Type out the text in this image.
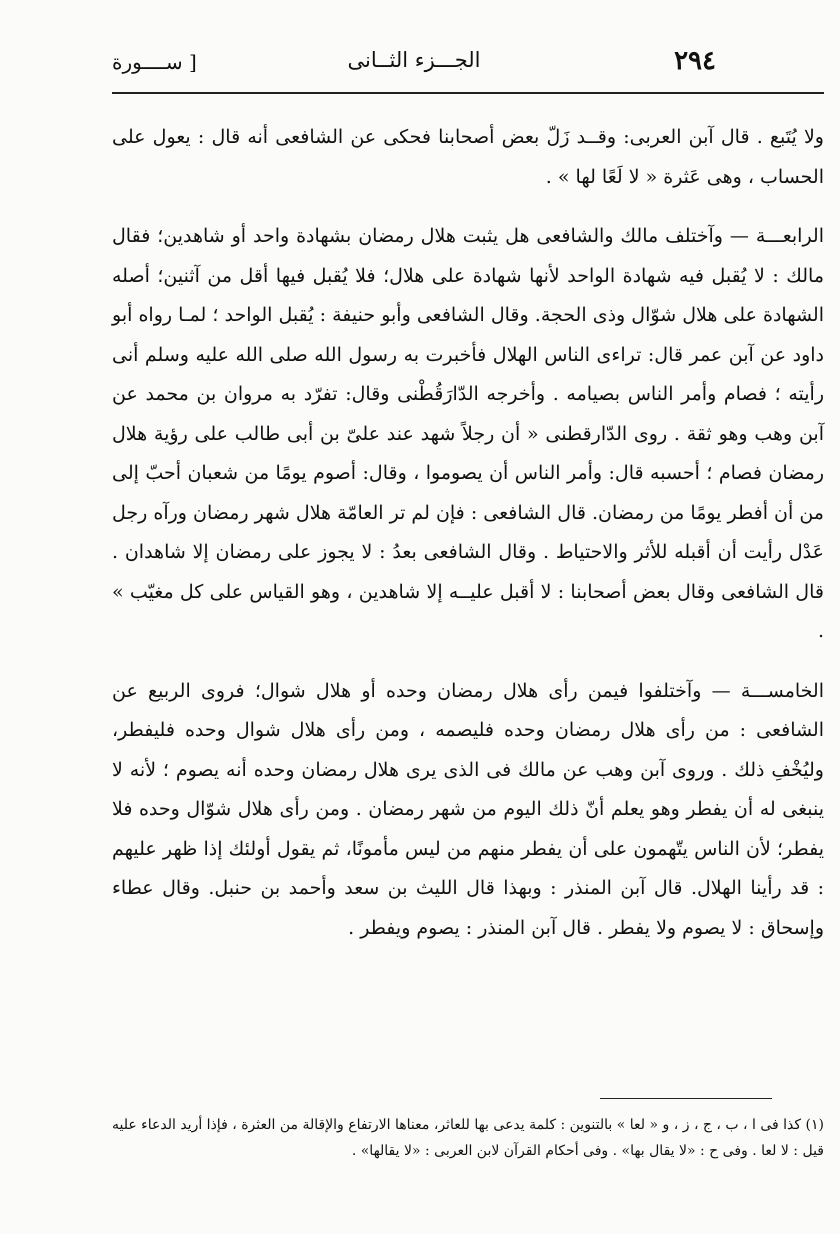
٢٩٤
الجـــزء الثــانى
[ ســــورة

ولا يُتَبع . قال آبن العربى: وقــد زَلّ بعض أصحابنا فحكى عن الشافعى أنه قال : يعول على الحساب ، وهى عَثرة « لا لَعًا لها » .

الرابعـــة — وآختلف مالك والشافعى هل يثبت هلال رمضان بشهادة واحد أو شاهدين؛ فقال مالك : لا يُقبل فيه شهادة الواحد لأنها شهادة على هلال؛ فلا يُقبل فيها أقل من آثنين؛ أصله الشهادة على هلال شوّال وذى الحجة. وقال الشافعى وأبو حنيفة : يُقبل الواحد ؛ لمـا رواه أبو داود عن آبن عمر قال: تراءى الناس الهلال فأخبرت به رسول الله صلى الله عليه وسلم أنى رأيته ؛ فصام وأمر الناس بصيامه . وأخرجه الدّارَقُطْنى وقال: تفرّد به مروان بن محمد عن آبن وهب وهو ثقة . روى الدّارقطنى « أن رجلاً شهد عند علىّ بن أبى طالب على رؤية هلال رمضان فصام ؛ أحسبه قال: وأمر الناس أن يصوموا ، وقال: أصوم يومًا من شعبان أحبّ إلى من أن أفطر يومًا من رمضان. قال الشافعى : فإن لم تر العامّة هلال شهر رمضان ورآه رجل عَدْل رأيت أن أقبله للأثر والاحتياط . وقال الشافعى بعدُ : لا يجوز على رمضان إلا شاهدان . قال الشافعى وقال بعض أصحابنا : لا أقبل عليــه إلا شاهدين ، وهو القياس على كل مغيّب » .

الخامســـة — وآختلفوا فيمن رأى هلال رمضان وحده أو هلال شوال؛ فروى الربيع عن الشافعى : من رأى هلال رمضان وحده فليصمه ، ومن رأى هلال شوال وحده فليفطر، وليُخْفِ ذلك . وروى آبن وهب عن مالك فى الذى يرى هلال رمضان وحده أنه يصوم ؛ لأنه لا ينبغى له أن يفطر وهو يعلم أنّ ذلك اليوم من شهر رمضان . ومن رأى هلال شوّال وحده فلا يفطر؛ لأن الناس يتّهمون على أن يفطر منهم من ليس مأمونًا، ثم يقول أولئك إذا ظهر عليهم : قد رأينا الهلال. قال آبن المنذر : وبهذا قال الليث بن سعد وأحمد بن حنبل. وقال عطاء وإسحاق : لا يصوم ولا يفطر . قال آبن المنذر : يصوم ويفطر .

(١) كذا فى ا ، ب ، ج ، ز ، و « لعا » بالتنوين : كلمة يدعى بها للعاثر، معناها الارتفاع والإقالة من العثرة ، فإذا أريد الدعاء عليه قيل : لا لعا . وفى ح : «لا يقال بها» . وفى أحكام القرآن لابن العربى : «لا يقالها» .
